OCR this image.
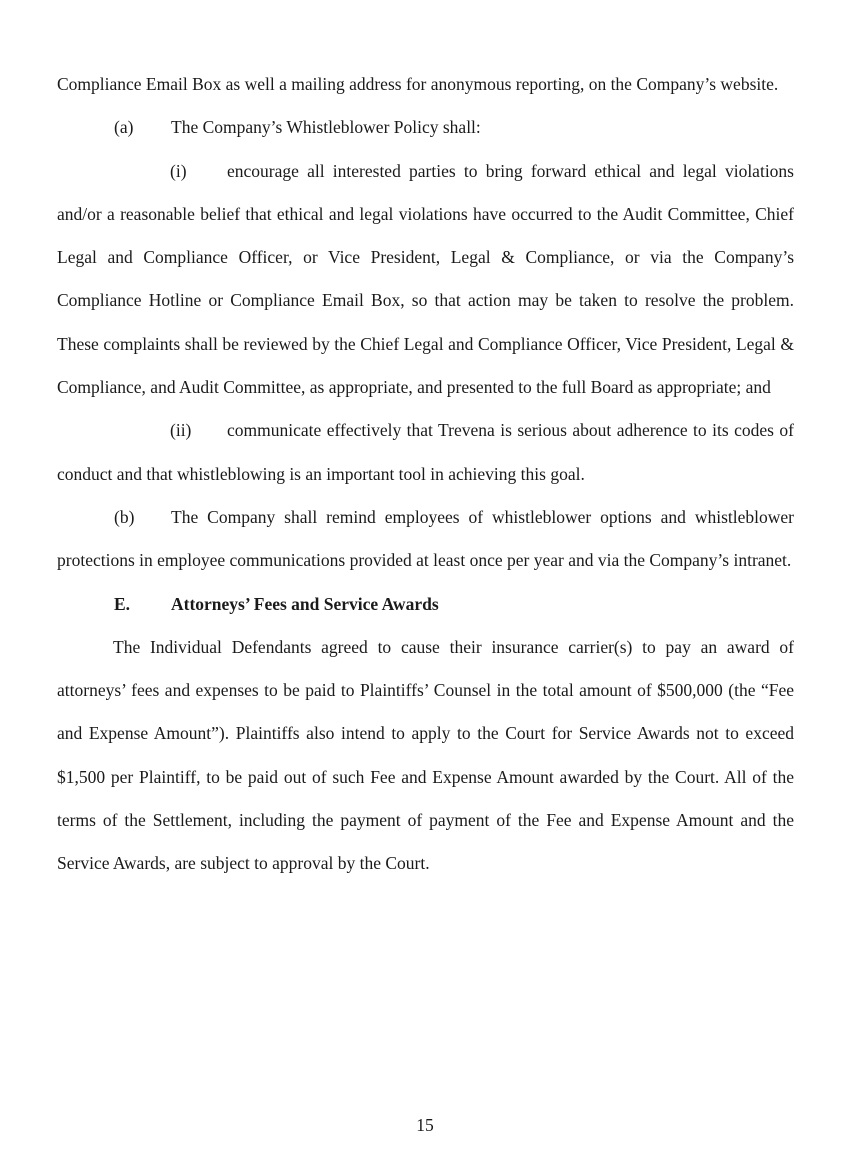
Compliance Email Box as well a mailing address for anonymous reporting, on the Company’s website.

(a) The Company’s Whistleblower Policy shall:

(i) encourage all interested parties to bring forward ethical and legal violations and/or a reasonable belief that ethical and legal violations have occurred to the Audit Committee, Chief Legal and Compliance Officer, or Vice President, Legal & Compliance, or via the Company’s Compliance Hotline or Compliance Email Box, so that action may be taken to resolve the problem. These complaints shall be reviewed by the Chief Legal and Compliance Officer, Vice President, Legal & Compliance, and Audit Committee, as appropriate, and presented to the full Board as appropriate; and

(ii) communicate effectively that Trevena is serious about adherence to its codes of conduct and that whistleblowing is an important tool in achieving this goal.

(b) The Company shall remind employees of whistleblower options and whistleblower protections in employee communications provided at least once per year and via the Company’s intranet.

E. Attorneys’ Fees and Service Awards

The Individual Defendants agreed to cause their insurance carrier(s) to pay an award of attorneys’ fees and expenses to be paid to Plaintiffs’ Counsel in the total amount of $500,000 (the “Fee and Expense Amount”). Plaintiffs also intend to apply to the Court for Service Awards not to exceed $1,500 per Plaintiff, to be paid out of such Fee and Expense Amount awarded by the Court. All of the terms of the Settlement, including the payment of payment of the Fee and Expense Amount and the Service Awards, are subject to approval by the Court.

15
